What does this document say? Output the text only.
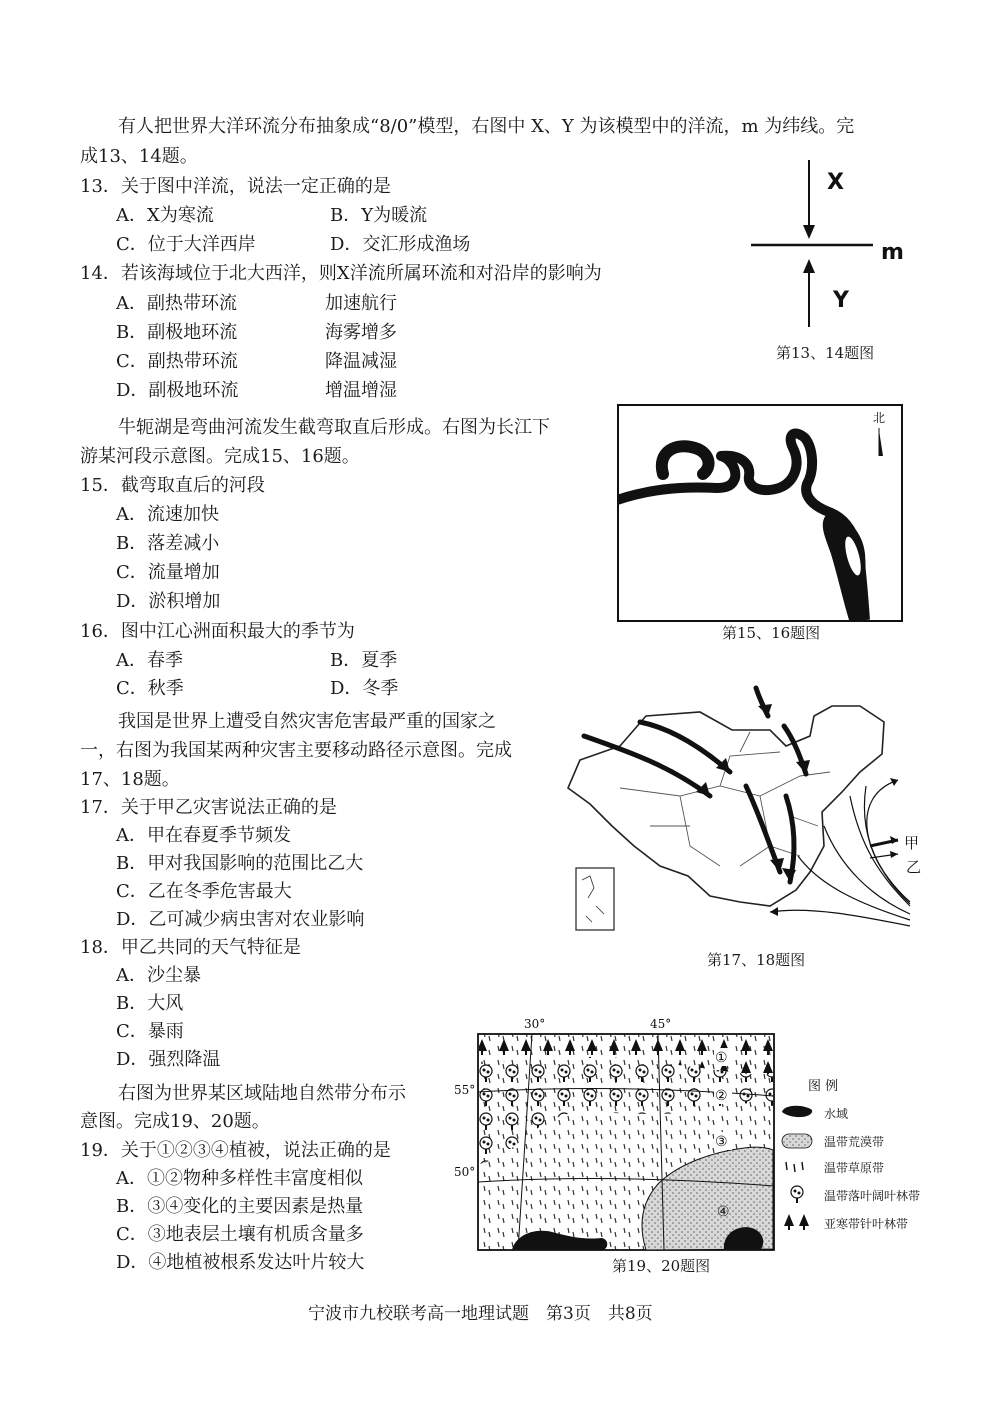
有人把世界大洋环流分布抽象成“8/0”模型，右图中 X、Y 为该模型中的洋流，m 为纬线。完
成13、14题。
13．关于图中洋流，说法一定正确的是
A．X为寒流	B．Y为暖流
C．位于大洋西岸	D．交汇形成渔场
14．若该海域位于北大西洋，则X洋流所属环流和对沿岸的影响为
A．副热带环流	加速航行
B．副极地环流	海雾增多
C．副热带环流	降温减湿
D．副极地环流	增温增湿
X
m
Y
第13、14题图
牛轭湖是弯曲河流发生截弯取直后形成。右图为长江下
游某河段示意图。完成15、16题。
15．截弯取直后的河段
A．流速加快
B．落差减小
C．流量增加
D．淤积增加
北
第15、16题图
16．图中江心洲面积最大的季节为
A．春季	B．夏季
C．秋季	D．冬季
我国是世界上遭受自然灾害危害最严重的国家之
一，右图为我国某两种灾害主要移动路径示意图。完成
17、18题。
17．关于甲乙灾害说法正确的是
A．甲在春夏季节频发
B．甲对我国影响的范围比乙大
C．乙在冬季危害最大
D．乙可减少病虫害对农业影响
甲
乙
第17、18题图
18．甲乙共同的天气特征是
A．沙尘暴
B．大风
C．暴雨
D．强烈降温
右图为世界某区域陆地自然带分布示
意图。完成19、20题。
19．关于①②③④植被，说法正确的是
A．①②物种多样性丰富度相似
B．③④变化的主要因素是热量
C．③地表层土壤有机质含量多
D．④地植被根系发达叶片较大
30°	45°
55°
50°
①
②
③
④
图 例
水域
温带荒漠带
温带草原带
温带落叶阔叶林带
亚寒带针叶林带
第19、20题图
宁波市九校联考高一地理试题　第3页　共8页
